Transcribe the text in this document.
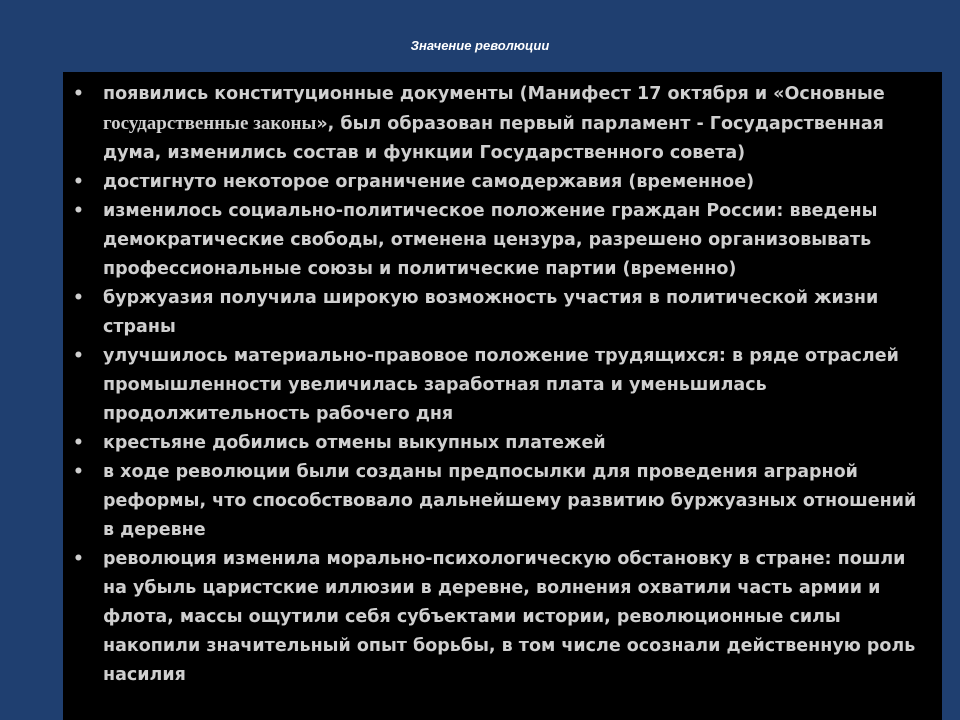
Значение революции
•	появились конституционные документы (Манифест 17 октября и «Основные государственные законы», был образован первый парламент - Государственная дума, изменились состав и функции Государственного совета)
•	достигнуто некоторое ограничение самодержавия (временное)
•	изменилось социально-политическое положение граждан России: введены демократические свободы, отменена цензура, разрешено организовывать профессиональные союзы и политические партии (временно)
•	буржуазия получила широкую возможность участия в политической жизни страны
•	улучшилось материально-правовое положение трудящихся: в ряде отраслей промышленности увеличилась заработная плата и уменьшилась продолжительность рабочего дня
•	крестьяне добились отмены выкупных платежей
•	в ходе революции были созданы предпосылки для проведения аграрной реформы, что способствовало дальнейшему развитию буржуазных отношений в деревне
•	революция изменила морально-психологическую обстановку в стране: пошли на убыль царистские иллюзии в деревне, волнения охватили часть армии и флота, массы ощутили себя субъектами истории, революционные силы накопили значительный опыт борьбы, в том числе осознали действенную роль насилия
